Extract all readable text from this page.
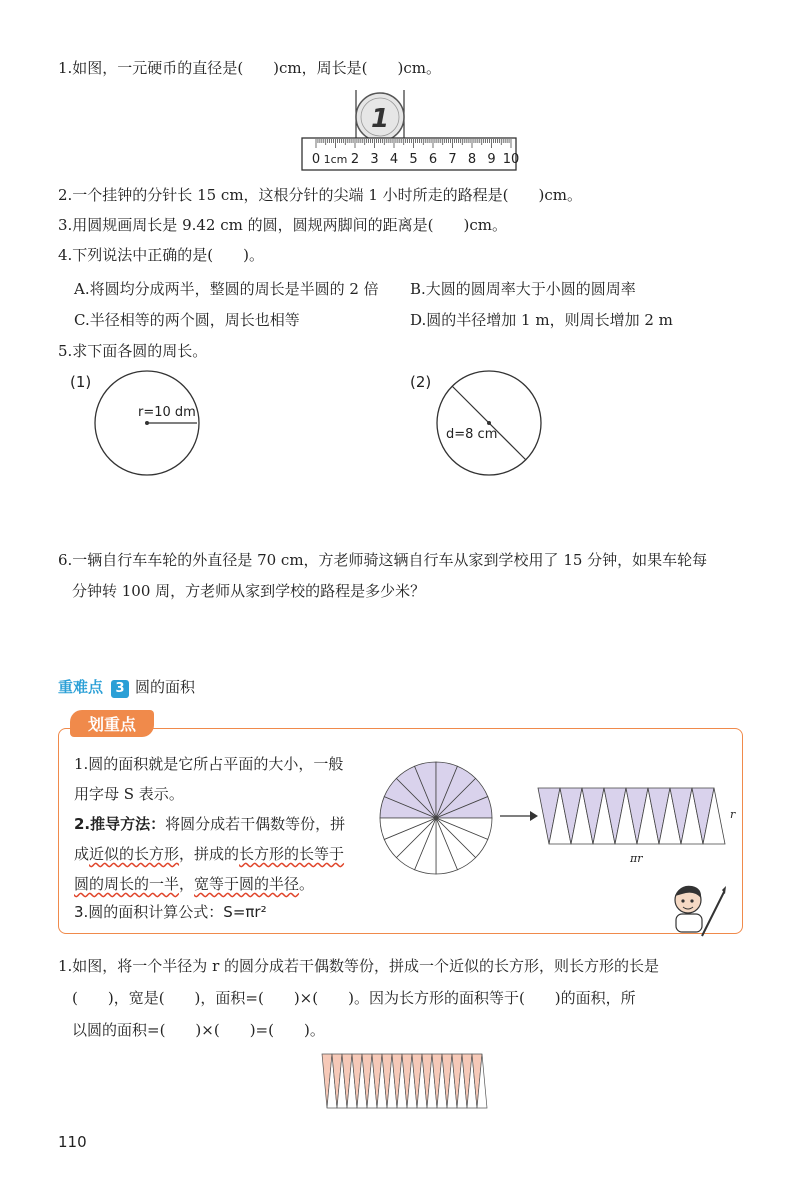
1.如图，一元硬币的直径是(　　)cm，周长是(　　)cm。
1
0 1cm 2 3 4 5 6 7 8 9 10
2.一个挂钟的分针长 15 cm，这根分针的尖端 1 小时所走的路程是(　　)cm。
3.用圆规画周长是 9.42 cm 的圆，圆规两脚间的距离是(　　)cm。
4.下列说法中正确的是(　　)。
A.将圆均分成两半，整圆的周长是半圆的 2 倍 B.大圆的圆周率大于小圆的圆周率
C.半径相等的两个圆，周长也相等	D.圆的半径增加 1 m，则周长增加 2 m
5.求下面各圆的周长。
(1)	(2)
r=10 dm
d=8 cm
6.一辆自行车车轮的外直径是 70 cm，方老师骑这辆自行车从家到学校用了 15 分钟，如果车轮每
分钟转 100 周，方老师从家到学校的路程是多少米？
重难点 3 圆的面积
划重点
1.圆的面积就是它所占平面的大小，一般
用字母 S 表示。
2.推导方法：将圆分成若干偶数等份，拼
成近似的长方形，拼成的长方形的长等于
圆的周长的一半，宽等于圆的半径。
3.圆的面积计算公式：S=πr²
r
πr
1.如图，将一个半径为 r 的圆分成若干偶数等份，拼成一个近似的长方形，则长方形的长是
(　　)，宽是(　　)，面积=(　　)×(　　)。因为长方形的面积等于(　　)的面积，所
以圆的面积=(　　)×(　　)=(　　)。
110
